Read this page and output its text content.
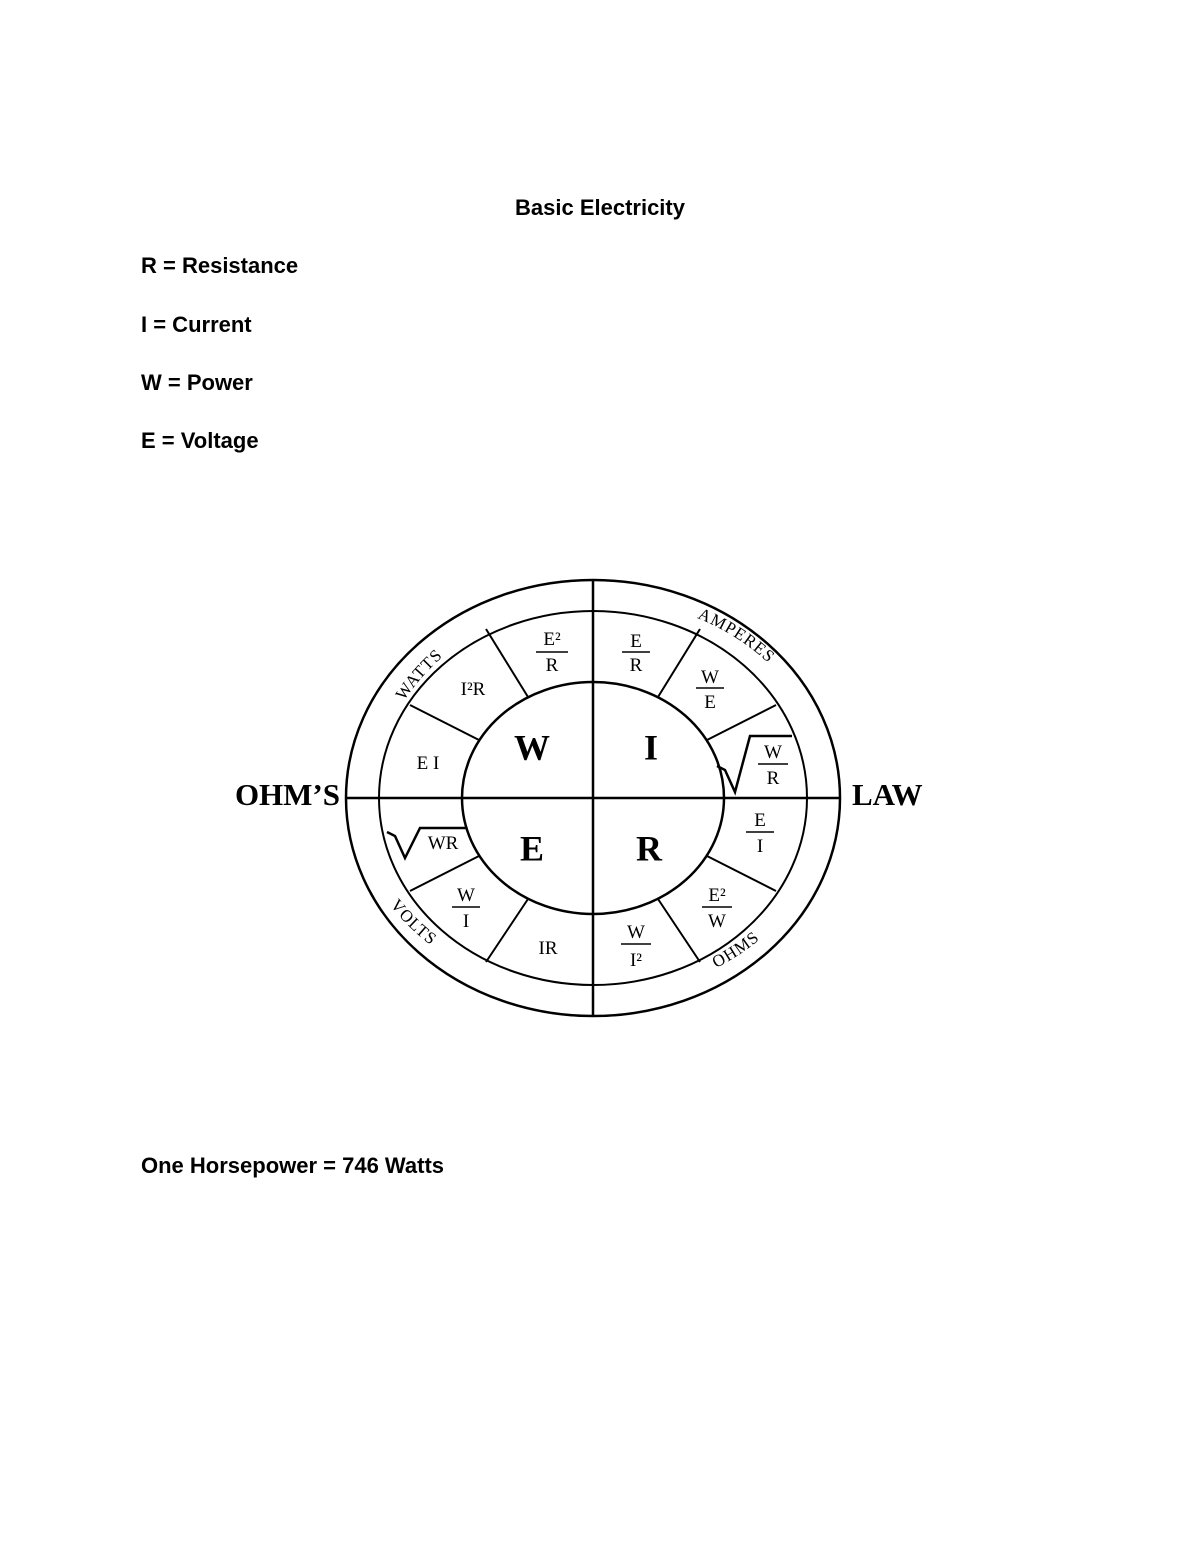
Basic Electricity
R = Resistance
I = Current
W = Power
E = Voltage
OHM’S	LAW
W	I
E	R
WATTS
AMPERES
VOLTS
OHMS
E²
R
I²R
E I
E
R
W
E
W
R
WR
W
I
IR
E
I
E²
W
W
I²
One Horsepower = 746 Watts
